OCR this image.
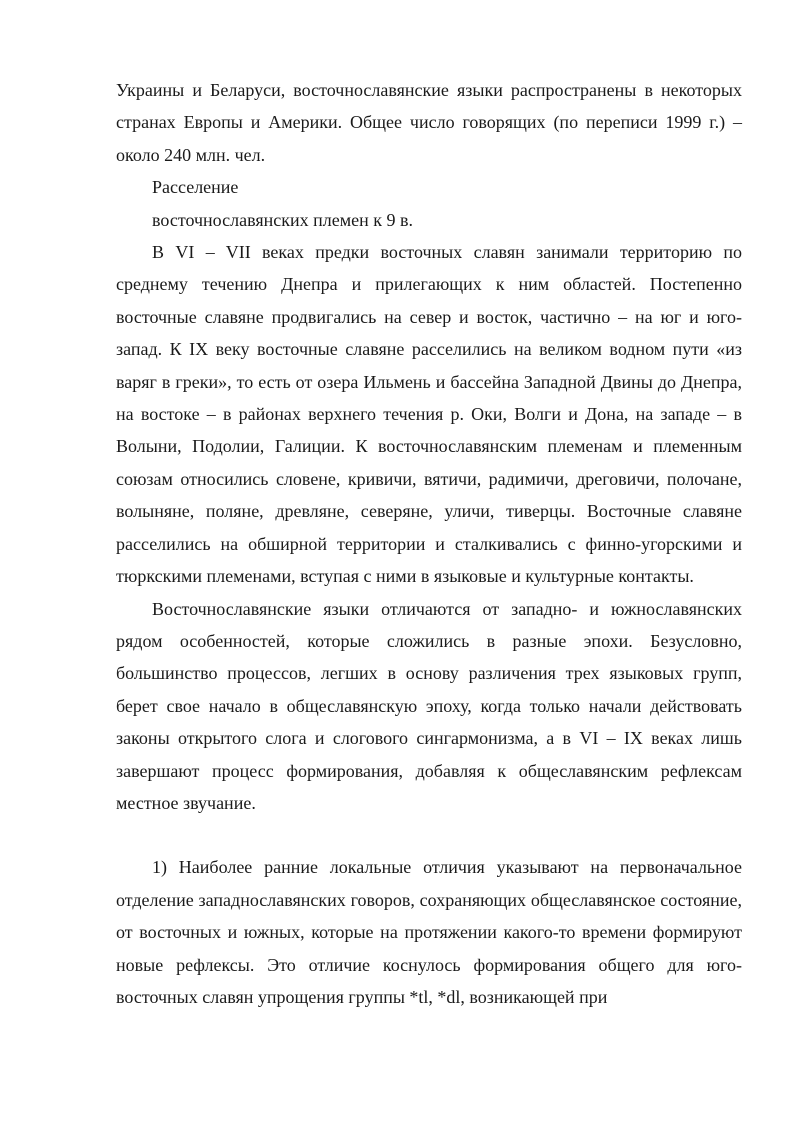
Украины и Беларуси, восточнославянские языки распространены в некоторых странах Европы и Америки. Общее число говорящих (по переписи 1999 г.) – около 240 млн. чел.

Расселение

восточнославянских племен к 9 в.

В VI – VII веках предки восточных славян занимали территорию по среднему течению Днепра и прилегающих к ним областей. Постепенно восточные славяне продвигались на север и восток, частично – на юг и юго-запад. К IX веку восточные славяне расселились на великом водном пути «из варяг в греки», то есть от озера Ильмень и бассейна Западной Двины до Днепра, на востоке – в районах верхнего течения р. Оки, Волги и Дона, на западе – в Волыни, Подолии, Галиции. К восточнославянским племенам и племенным союзам относились словене, кривичи, вятичи, радимичи, дреговичи, полочане, волыняне, поляне, древляне, северяне, уличи, тиверцы. Восточные славяне расселились на обширной территории и сталкивались с финно-угорскими и тюркскими племенами, вступая с ними в языковые и культурные контакты.

Восточнославянские языки отличаются от западно- и южнославянских рядом особенностей, которые сложились в разные эпохи. Безусловно, большинство процессов, легших в основу различения трех языковых групп, берет свое начало в общеславянскую эпоху, когда только начали действовать законы открытого слога и слогового сингармонизма, а в VI – IX веках лишь завершают процесс формирования, добавляя к общеславянским рефлексам местное звучание.

1) Наиболее ранние локальные отличия указывают на первоначальное отделение западнославянских говоров, сохраняющих общеславянское состояние, от восточных и южных, которые на протяжении какого-то времени формируют новые рефлексы. Это отличие коснулось формирования общего для юго-восточных славян упрощения группы *tl, *dl, возникающей при
